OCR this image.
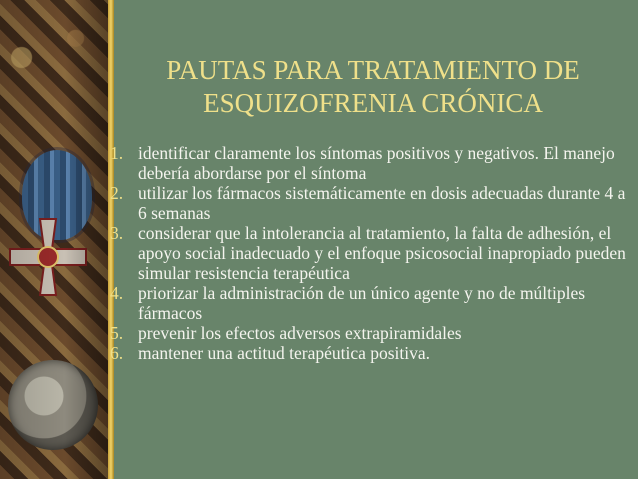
PAUTAS PARA TRATAMIENTO DE
ESQUIZOFRENIA CRÓNICA
1. identificar claramente los síntomas positivos y negativos. El manejo debería abordarse por el síntoma
2. utilizar los fármacos sistemáticamente en dosis adecuadas durante 4 a 6 semanas
3. considerar que la intolerancia al tratamiento, la falta de adhesión, el apoyo social inadecuado y el enfoque psicosocial inapropiado pueden simular resistencia terapéutica
4. priorizar la administración de un único agente y no de múltiples fármacos
5. prevenir los efectos adversos extrapiramidales
6. mantener una actitud terapéutica positiva.
